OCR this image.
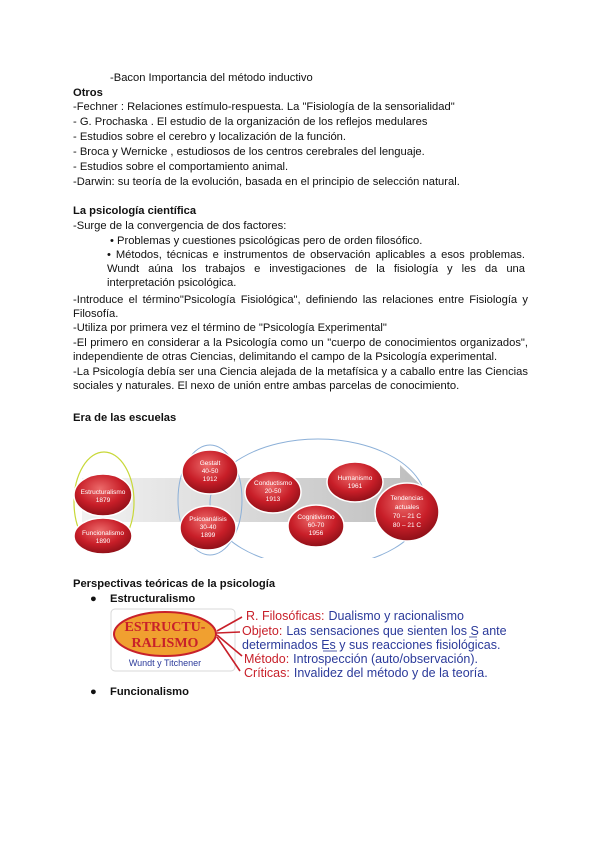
-Bacon Importancia del método inductivo
Otros
-Fechner : Relaciones estímulo-respuesta. La "Fisiología de la sensorialidad"
- G. Prochaska . El estudio de la organización de los reflejos medulares
- Estudios sobre el cerebro y localización de la función.
- Broca y Wernicke , estudiosos de los centros cerebrales del lenguaje.
- Estudios sobre el comportamiento animal.
-Darwin: su teoría de la evolución, basada en el principio de selección natural.
La psicología científica
-Surge de la convergencia de dos factores:
• Problemas y cuestiones psicológicas pero de orden filosófico.
• Métodos, técnicas e instrumentos de observación aplicables a esos problemas. Wundt aúna los trabajos e investigaciones de la fisiología y les da una interpretación psicológica.
-Introduce el término"Psicología Fisiológica", definiendo las relaciones entre Fisiología y Filosofía.
-Utiliza por primera vez el término de "Psicología Experimental"
-El primero en considerar a la Psicología como un "cuerpo de conocimientos organizados", independiente de otras Ciencias, delimitando el campo de la Psicología experimental.
-La Psicología debía ser una Ciencia alejada de la metafísica y a caballo entre las Ciencias sociales y naturales. El nexo de unión entre ambas parcelas de conocimiento.
Era de las escuelas
Estructuralismo
1879
Funcionalismo
1890
Gestalt
40-50
1912
Psicoanálisis
30-40
1899
Conductismo
20-50
1913
Cognitivismo
60-70
1956
Humanismo
1961
Tendencias
actuales
70 – 21 C
80 – 21 C
Perspectivas teóricas de la psicología
● Estructuralismo
ESTRUCTU-
RALISMO
Wundt y Titchener
R. Filosóficas: Dualismo y racionalismo
Objeto: Las sensaciones que sienten los S ante
determinados Es y sus reacciones fisiológicas.
Método: Introspección (auto/observación).
Críticas: Invalidez del método y de la teoría.
● Funcionalismo
